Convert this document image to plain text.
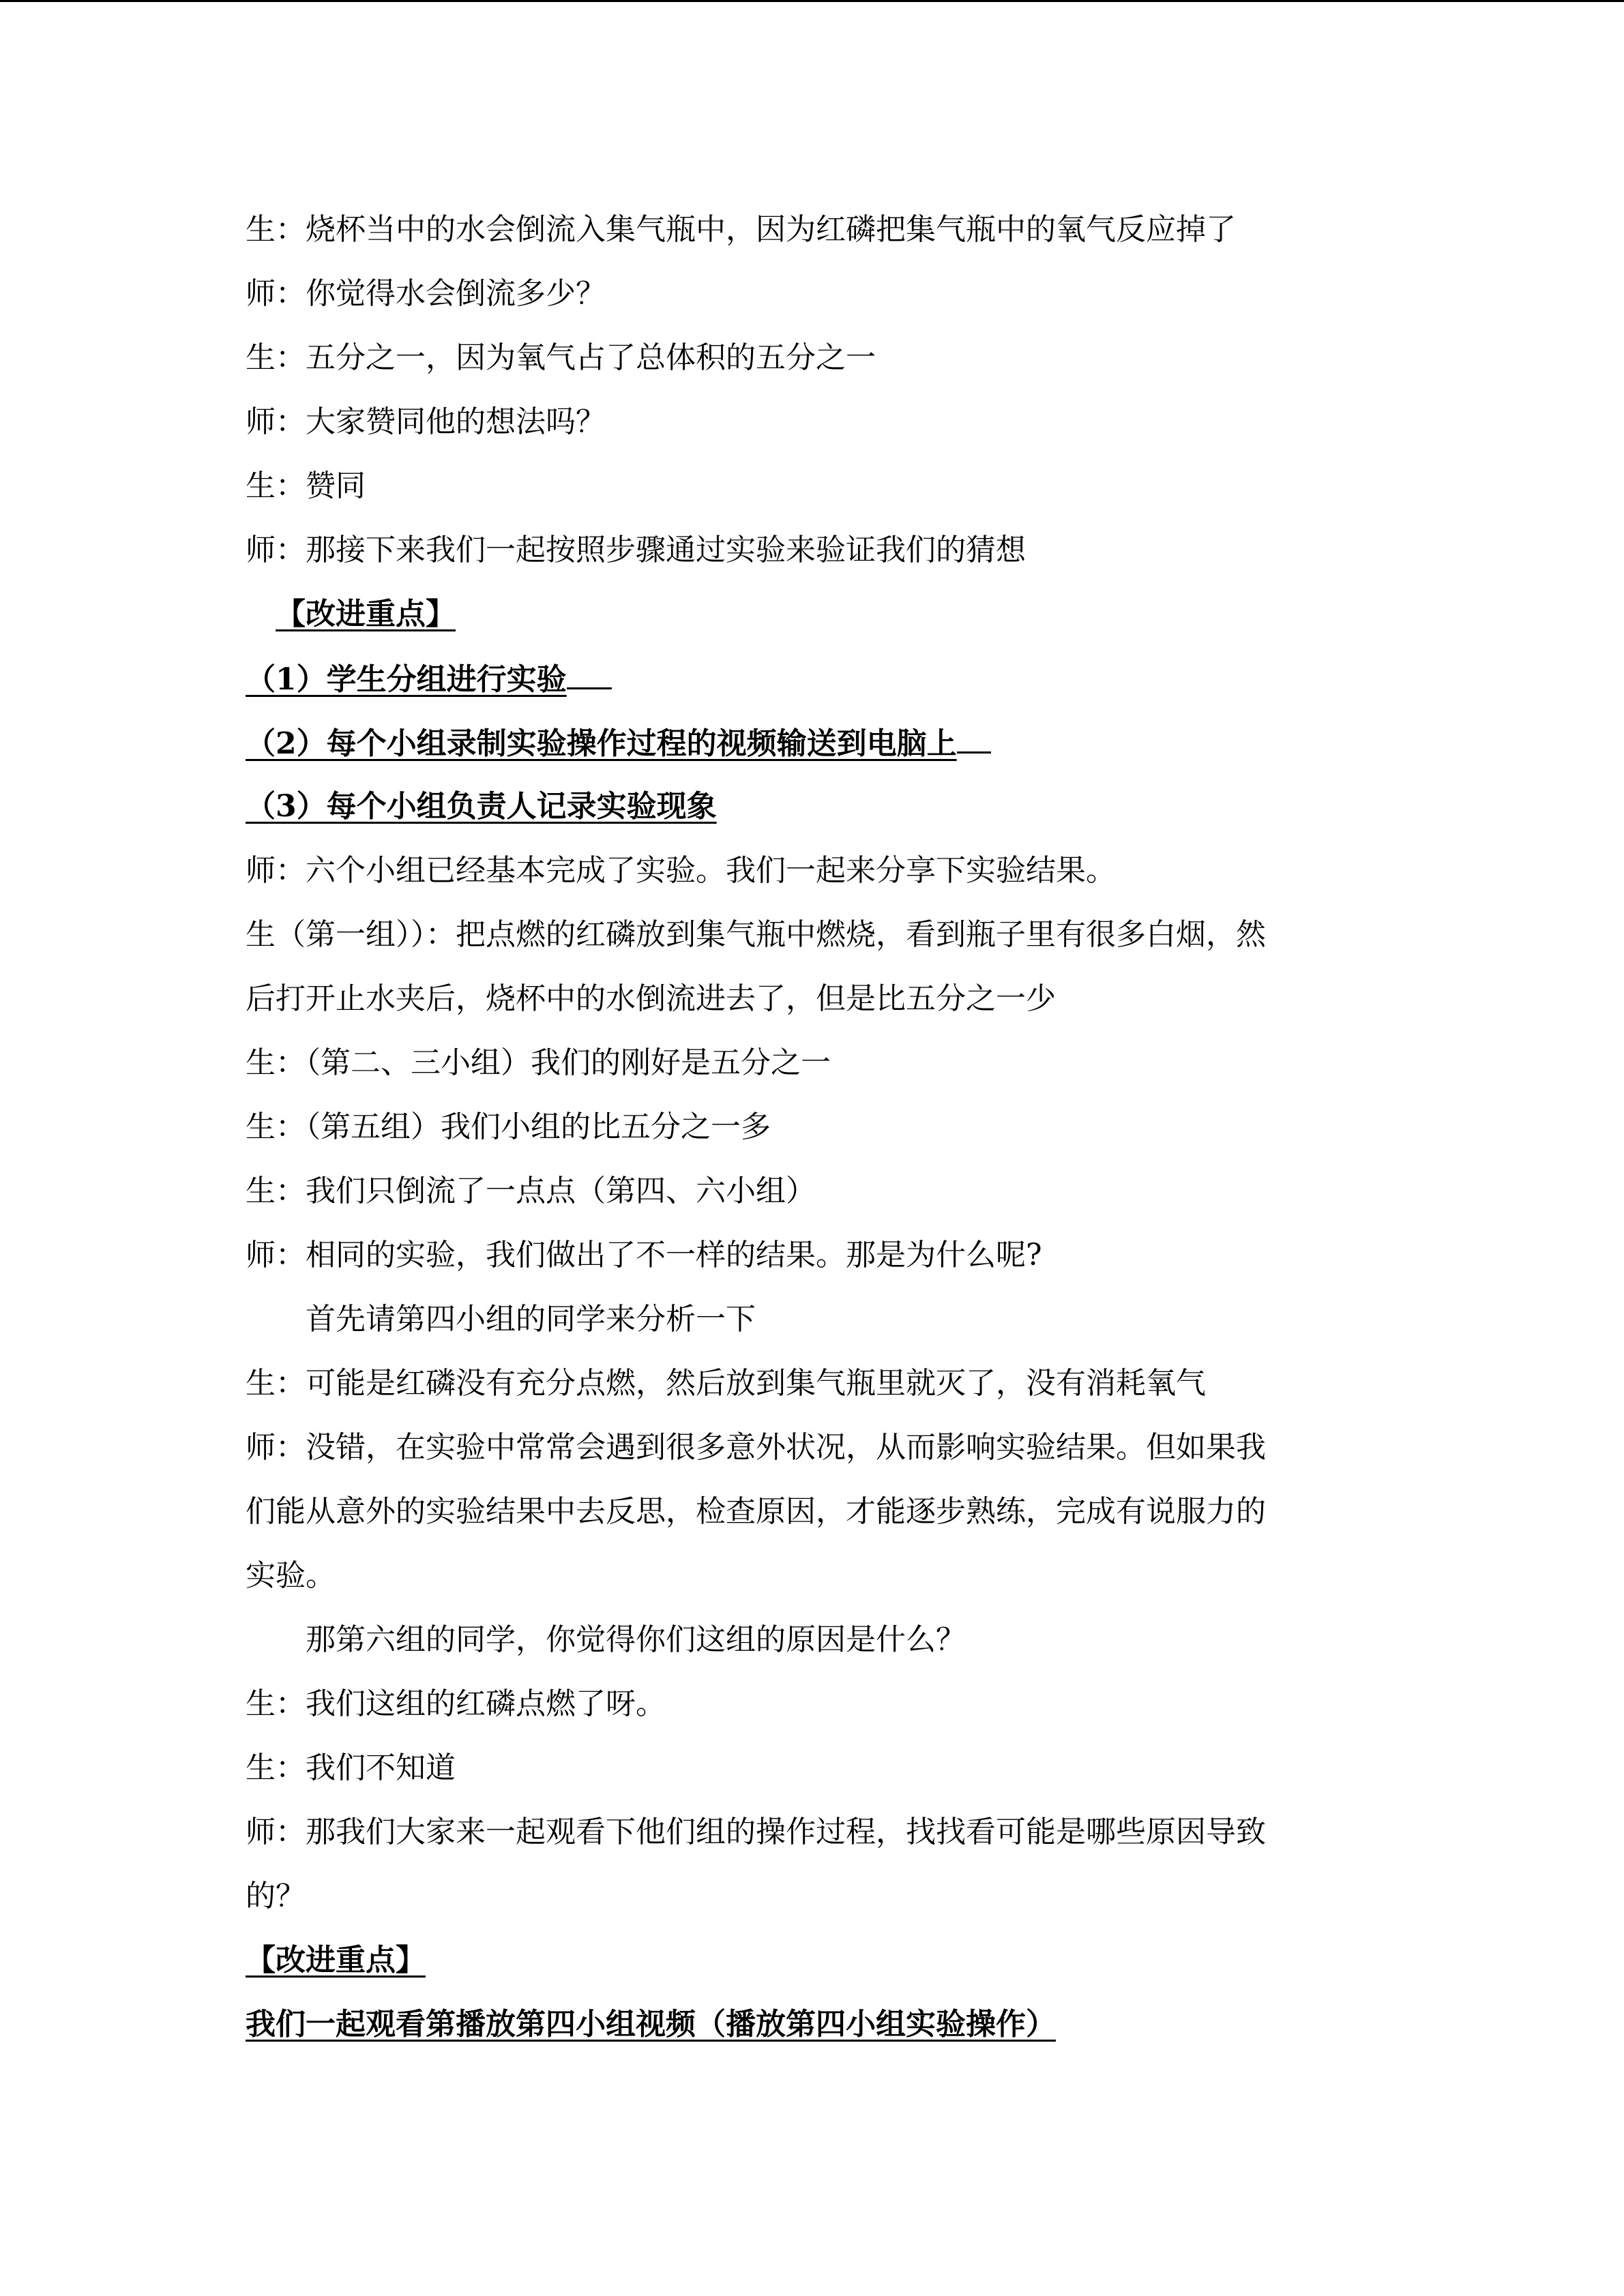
生：烧杯当中的水会倒流入集气瓶中，因为红磷把集气瓶中的氧气反应掉了

师：你觉得水会倒流多少？

生：五分之一，因为氧气占了总体积的五分之一

师：大家赞同他的想法吗？

生：赞同

师：那接下来我们一起按照步骤通过实验来验证我们的猜想

【改进重点】

（1）学生分组进行实验

（2）每个小组录制实验操作过程的视频输送到电脑上

（3）每个小组负责人记录实验现象

师：六个小组已经基本完成了实验。我们一起来分享下实验结果。

生（第一组））：把点燃的红磷放到集气瓶中燃烧，看到瓶子里有很多白烟，然

后打开止水夹后，烧杯中的水倒流进去了，但是比五分之一少

生：（第二、三小组）我们的刚好是五分之一

生：（第五组）我们小组的比五分之一多

生：我们只倒流了一点点（第四、六小组）

师：相同的实验，我们做出了不一样的结果。那是为什么呢?

首先请第四小组的同学来分析一下

生：可能是红磷没有充分点燃，然后放到集气瓶里就灭了，没有消耗氧气

师：没错，在实验中常常会遇到很多意外状况，从而影响实验结果。但如果我

们能从意外的实验结果中去反思，检查原因，才能逐步熟练，完成有说服力的

实验。

那第六组的同学，你觉得你们这组的原因是什么？

生：我们这组的红磷点燃了呀。

生：我们不知道

师：那我们大家来一起观看下他们组的操作过程，找找看可能是哪些原因导致

的？

【改进重点】

我们一起观看第播放第四小组视频（播放第四小组实验操作）
